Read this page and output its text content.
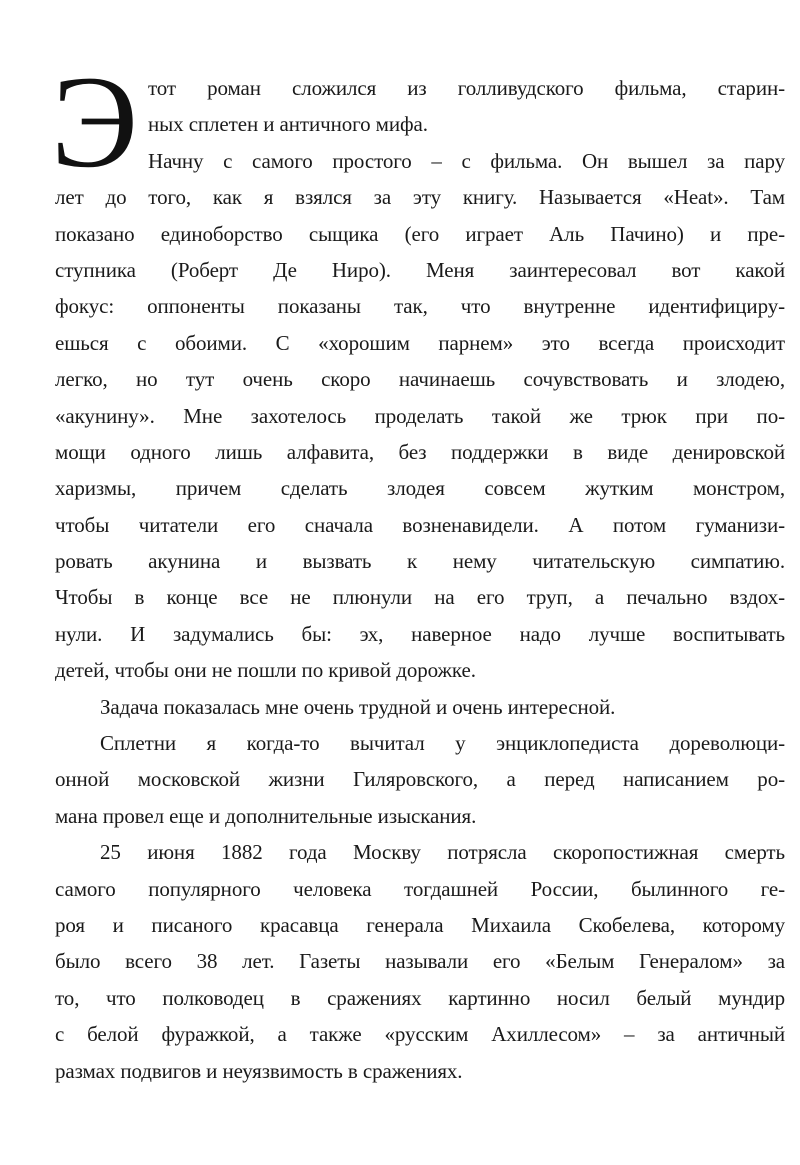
Э тот роман сложился из голливудского фильма, старин-
ных сплетен и античного мифа.
Начну с самого простого – с фильма. Он вышел за пару
лет до того, как я взялся за эту книгу. Называется «Heat». Там
показано единоборство сыщика (его играет Аль Пачино) и пре-
ступника (Роберт Де Ниро). Меня заинтересовал вот какой
фокус: оппоненты показаны так, что внутренне идентифициру-
ешься с обоими. С «хорошим парнем» это всегда происходит
легко, но тут очень скоро начинаешь сочувствовать и злодею,
«акунину». Мне захотелось проделать такой же трюк при по-
мощи одного лишь алфавита, без поддержки в виде денировской
харизмы, причем сделать злодея совсем жутким монстром,
чтобы читатели его сначала возненавидели. А потом гуманизи-
ровать акунина и вызвать к нему читательскую симпатию.
Чтобы в конце все не плюнули на его труп, а печально вздох-
нули. И задумались бы: эх, наверное надо лучше воспитывать
детей, чтобы они не пошли по кривой дорожке.
Задача показалась мне очень трудной и очень интересной.
Сплетни я когда-то вычитал у энциклопедиста дореволюци-
онной московской жизни Гиляровского, а перед написанием ро-
мана провел еще и дополнительные изыскания.
25 июня 1882 года Москву потрясла скоропостижная смерть
самого популярного человека тогдашней России, былинного ге-
роя и писаного красавца генерала Михаила Скобелева, которому
было всего 38 лет. Газеты называли его «Белым Генералом» за
то, что полководец в сражениях картинно носил белый мундир
с белой фуражкой, а также «русским Ахиллесом» – за античный
размах подвигов и неуязвимость в сражениях.
